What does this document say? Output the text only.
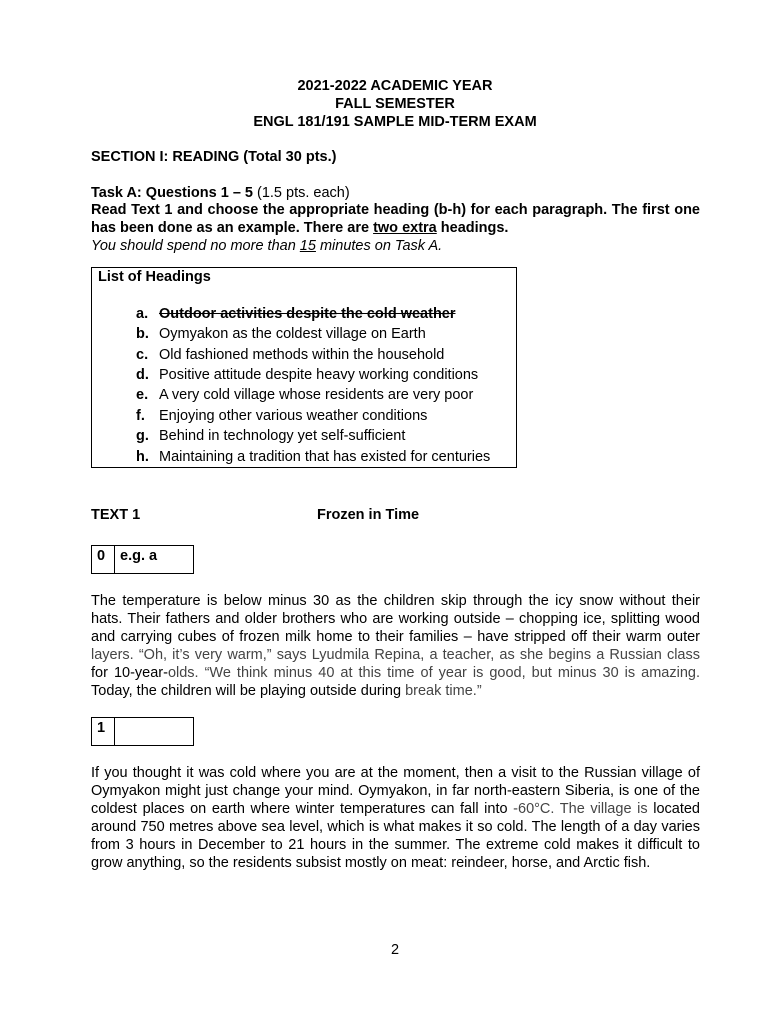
2021-2022 ACADEMIC YEAR
FALL SEMESTER
ENGL 181/191 SAMPLE MID-TERM EXAM
SECTION I: READING (Total 30 pts.)
Task A: Questions 1 – 5 (1.5 pts. each)
Read Text 1 and choose the appropriate heading (b-h) for each paragraph. The first one has been done as an example. There are two extra headings.
You should spend no more than 15 minutes on Task A.
List of Headings
a. Outdoor activities despite the cold weather
b. Oymyakon as the coldest village on Earth
c. Old fashioned methods within the household
d. Positive attitude despite heavy working conditions
e. A very cold village whose residents are very poor
f. Enjoying other various weather conditions
g. Behind in technology yet self-sufficient
h. Maintaining a tradition that has existed for centuries
TEXT 1	Frozen in Time
0	e.g. a
The temperature is below minus 30 as the children skip through the icy snow without their hats. Their fathers and older brothers who are working outside – chopping ice, splitting wood and carrying cubes of frozen milk home to their families – have stripped off their warm outer layers. “Oh, it’s very warm,” says Lyudmila Repina, a teacher, as she begins a Russian class for 10-year-olds. “We think minus 40 at this time of year is good, but minus 30 is amazing. Today, the children will be playing outside during break time.”
1
If you thought it was cold where you are at the moment, then a visit to the Russian village of Oymyakon might just change your mind. Oymyakon, in far north-eastern Siberia, is one of the coldest places on earth where winter temperatures can fall into -60°C. The village is located around 750 metres above sea level, which is what makes it so cold. The length of a day varies from 3 hours in December to 21 hours in the summer. The extreme cold makes it difficult to grow anything, so the residents subsist mostly on meat: reindeer, horse, and Arctic fish.
2
